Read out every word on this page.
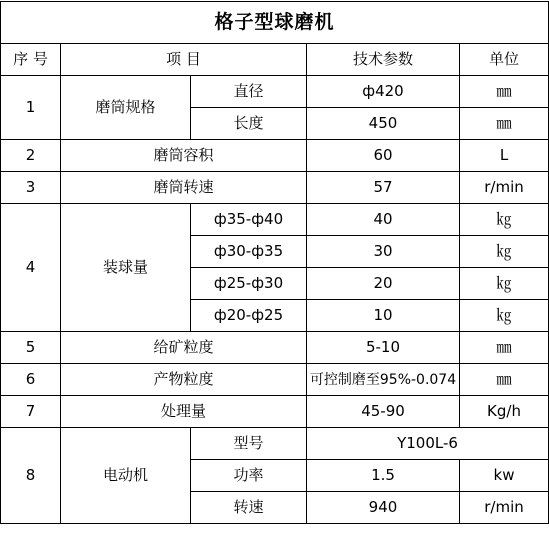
格子型球磨机				
序 号	项 目		技术参数	单位
1	磨筒规格	直径	ф420	㎜
		长度	450	㎜
2	磨筒容积		60	L
3	磨筒转速		57	r/min
4	装球量	ф35-ф40	40	㎏
		ф30-ф35	30	㎏
		ф25-ф30	20	㎏
		ф20-ф25	10	㎏
5	给矿粒度		5-10	㎜
6	产物粒度		可控制磨至95%-0.074	㎜
7	处理量		45-90	Kg/h
8	电动机	型号	Y100L-6	
		功率	1.5	kw
		转速	940	r/min
